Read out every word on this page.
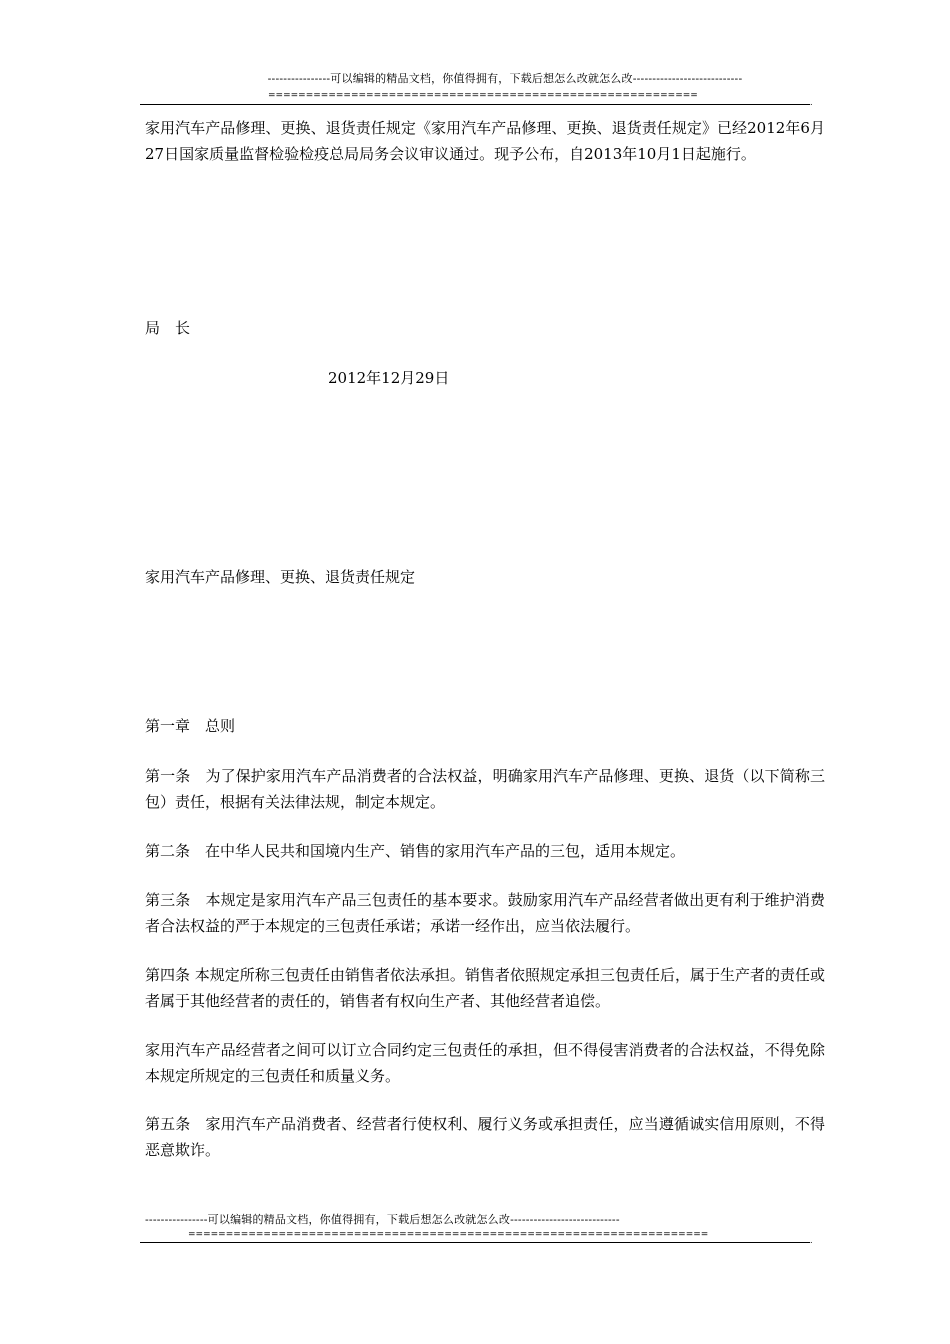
----------------可以编辑的精品文档，你值得拥有，下载后想怎么改就怎么改----------------------------
=========================================================
.
家用汽车产品修理、更换、退货责任规定《家用汽车产品修理、更换、退货责任规定》已经2012年6月27日国家质量监督检验检疫总局局务会议审议通过。现予公布，自2013年10月1日起施行。
局　长
2012年12月29日
家用汽车产品修理、更换、退货责任规定
第一章　总则
第一条　为了保护家用汽车产品消费者的合法权益，明确家用汽车产品修理、更换、退货（以下简称三包）责任，根据有关法律法规，制定本规定。
第二条　在中华人民共和国境内生产、销售的家用汽车产品的三包，适用本规定。
第三条　本规定是家用汽车产品三包责任的基本要求。鼓励家用汽车产品经营者做出更有利于维护消费者合法权益的严于本规定的三包责任承诺；承诺一经作出，应当依法履行。
第四条 本规定所称三包责任由销售者依法承担。销售者依照规定承担三包责任后，属于生产者的责任或者属于其他经营者的责任的，销售者有权向生产者、其他经营者追偿。
家用汽车产品经营者之间可以订立合同约定三包责任的承担，但不得侵害消费者的合法权益，不得免除本规定所规定的三包责任和质量义务。
第五条　家用汽车产品消费者、经营者行使权利、履行义务或承担责任，应当遵循诚实信用原则，不得恶意欺诈。
----------------可以编辑的精品文档，你值得拥有，下载后想怎么改就怎么改----------------------------
=====================================================================
.
